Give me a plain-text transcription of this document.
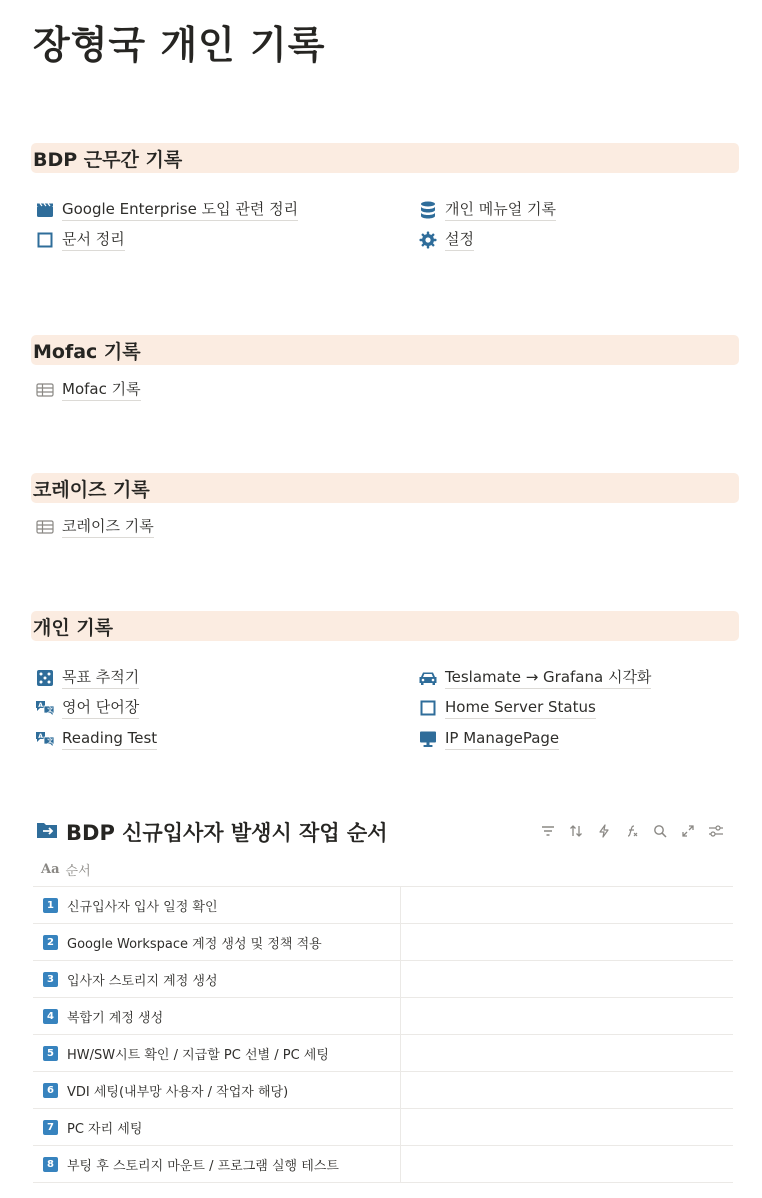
장형국 개인 기록
BDP 근무간 기록
Google Enterprise 도입 관련 정리
문서 정리
개인 메뉴얼 기록
설정
Mofac 기록
Mofac 기록
코레이즈 기록
코레이즈 기록
개인 기록
목표 추적기
A
文 영어 단어장
A
文 Reading Test
Teslamate → Grafana 시각화
Home Server Status
IP ManagePage
BDP 신규입사자 발생시 작업 순서
Aa 순서
1	신규입사자 입사 일정 확인
2	Google Workspace 계정 생성 및 정책 적용
3	입사자 스토리지 계정 생성
4	복합기 계정 생성
5	HW/SW시트 확인 / 지급할 PC 선별 / PC 세팅
6	VDI 세팅(내부망 사용자 / 작업자 해당)
7	PC 자리 세팅
8	부팅 후 스토리지 마운트 / 프로그램 실행 테스트
